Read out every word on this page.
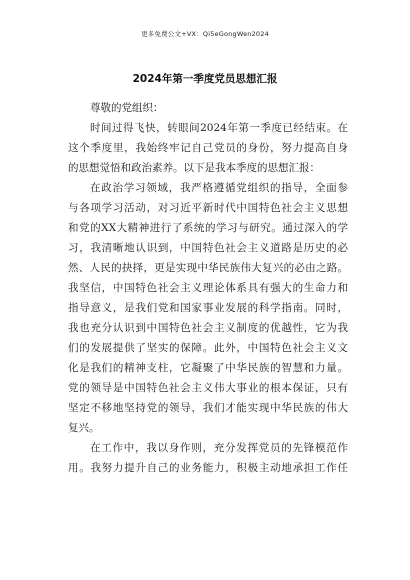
更多免费公文+VX：Qi5eGongWen2024
2024年第一季度党员思想汇报
尊敬的党组织：
时间过得飞快，转眼间2024年第一季度已经结束。在
这个季度里，我始终牢记自己党员的身份，努力提高自身
的思想觉悟和政治素养。以下是我本季度的思想汇报：
在政治学习领域，我严格遵循党组织的指导，全面参
与各项学习活动，对习近平新时代中国特色社会主义思想
和党的XX大精神进行了系统的学习与研究。通过深入的学
习，我清晰地认识到，中国特色社会主义道路是历史的必
然、人民的抉择，更是实现中华民族伟大复兴的必由之路。
我坚信，中国特色社会主义理论体系具有强大的生命力和
指导意义，是我们党和国家事业发展的科学指南。同时，
我也充分认识到中国特色社会主义制度的优越性，它为我
们的发展提供了坚实的保障。此外，中国特色社会主义文
化是我们的精神支柱，它凝聚了中华民族的智慧和力量。
党的领导是中国特色社会主义伟大事业的根本保证，只有
坚定不移地坚持党的领导，我们才能实现中华民族的伟大
复兴。
在工作中，我以身作则，充分发挥党员的先锋模范作
用。我努力提升自己的业务能力，积极主动地承担工作任
